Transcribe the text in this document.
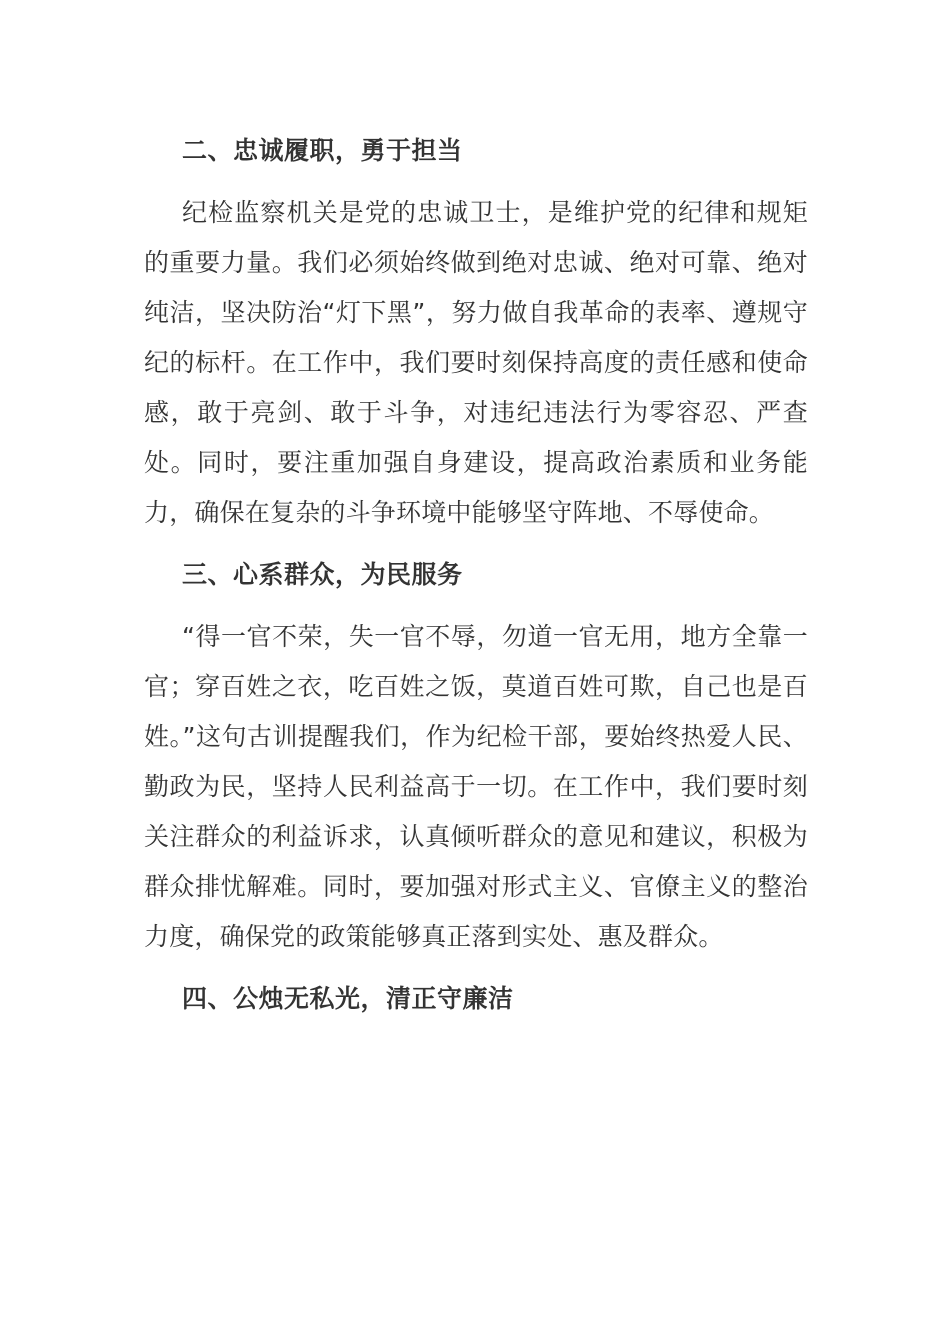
二、忠诚履职，勇于担当

纪检监察机关是党的忠诚卫士，是维护党的纪律和规矩的重要力量。我们必须始终做到绝对忠诚、绝对可靠、绝对纯洁，坚决防治“灯下黑”，努力做自我革命的表率、遵规守纪的标杆。在工作中，我们要时刻保持高度的责任感和使命感，敢于亮剑、敢于斗争，对违纪违法行为零容忍、严查处。同时，要注重加强自身建设，提高政治素质和业务能力，确保在复杂的斗争环境中能够坚守阵地、不辱使命。

三、心系群众，为民服务

“得一官不荣，失一官不辱，勿道一官无用，地方全靠一官；穿百姓之衣，吃百姓之饭，莫道百姓可欺，自己也是百姓。”这句古训提醒我们，作为纪检干部，要始终热爱人民、勤政为民，坚持人民利益高于一切。在工作中，我们要时刻关注群众的利益诉求，认真倾听群众的意见和建议，积极为群众排忧解难。同时，要加强对形式主义、官僚主义的整治力度，确保党的政策能够真正落到实处、惠及群众。

四、公烛无私光，清正守廉洁
